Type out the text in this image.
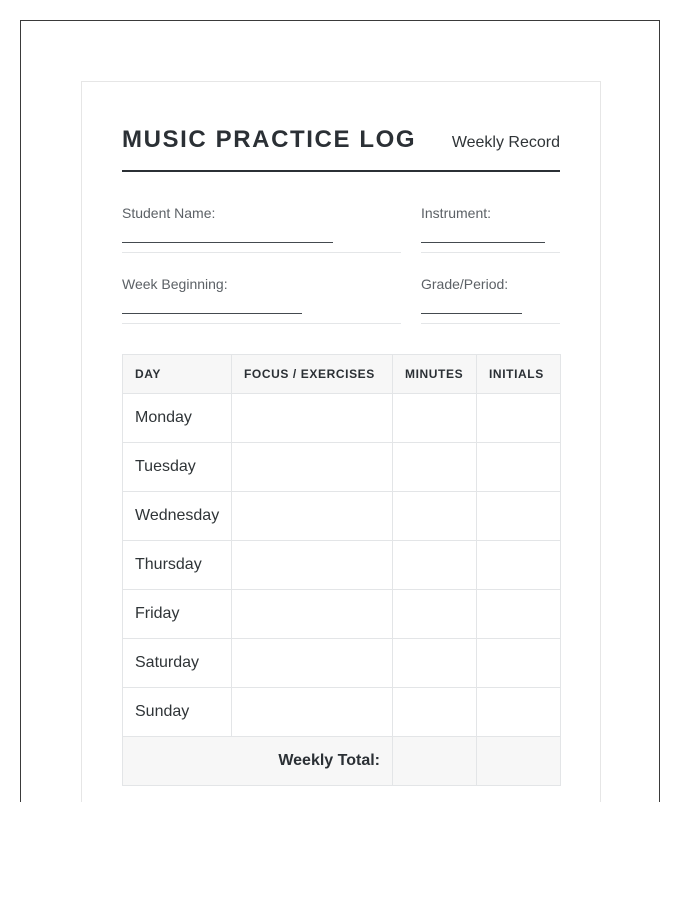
MUSIC PRACTICE LOG Weekly Record
Student Name:	Instrument:
Week Beginning:	Grade/Period:
DAY	FOCUS / EXERCISES	MINUTES	INITIALS
Monday			
Tuesday			
Wednesday			
Thursday			
Friday			
Saturday			
Sunday			
Weekly Total:			
